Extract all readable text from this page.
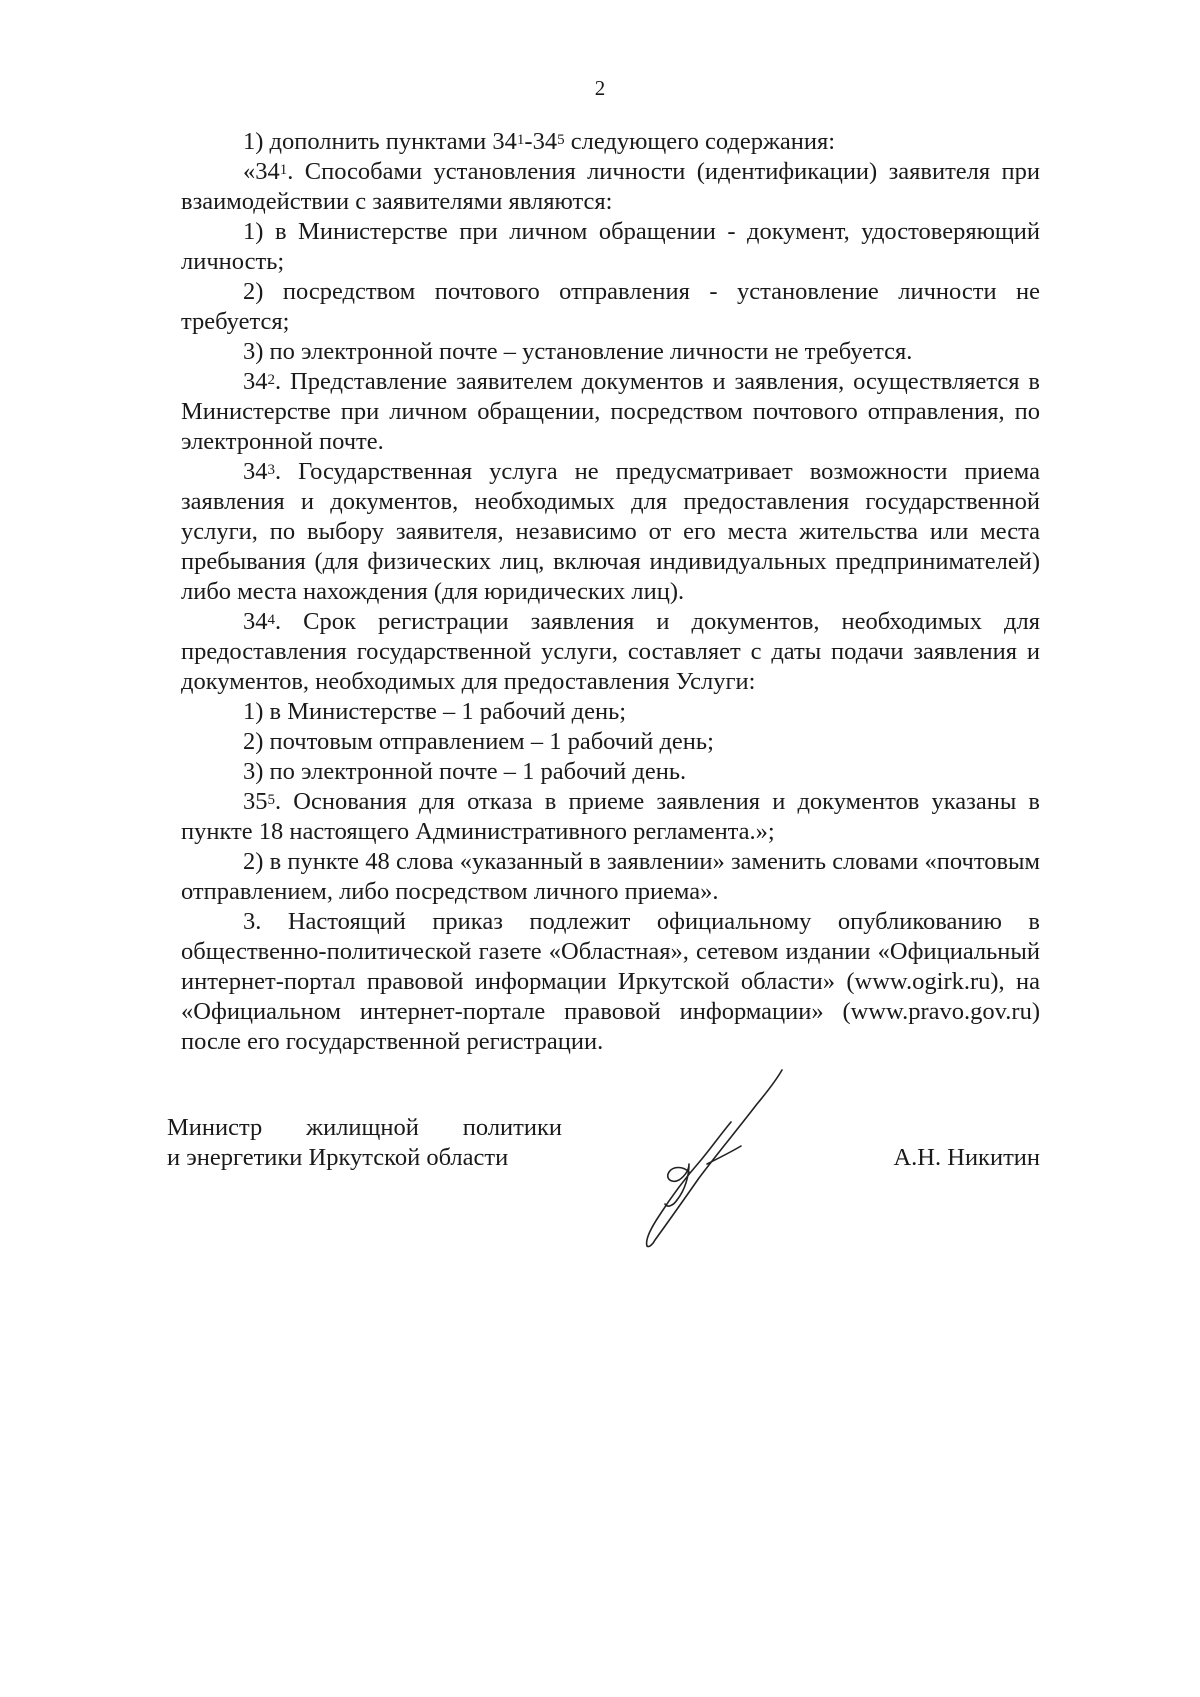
2

1) дополнить пунктами $34^1-34^5$ следующего содержания:

«$34^1$. Способами установления личности (идентификации) заявителя при взаимодействии с заявителями являются:

1) в Министерстве при личном обращении - документ, удостоверяющий личность;

2) посредством почтового отправления - установление личности не требуется;

3) по электронной почте – установление личности не требуется.

$34^2$. Представление заявителем документов и заявления, осуществляется в Министерстве при личном обращении, посредством почтового отправления, по электронной почте.

$34^3$. Государственная услуга не предусматривает возможности приема заявления и документов, необходимых для предоставления государственной услуги, по выбору заявителя, независимо от его места жительства или места пребывания (для физических лиц, включая индивидуальных предпринимателей) либо места нахождения (для юридических лиц).

$34^4$. Срок регистрации заявления и документов, необходимых для предоставления государственной услуги, составляет с даты подачи заявления и документов, необходимых для предоставления Услуги:

1) в Министерстве – 1 рабочий день;

2) почтовым отправлением – 1 рабочий день;

3) по электронной почте – 1 рабочий день.

$35^5$. Основания для отказа в приеме заявления и документов указаны в пункте 18 настоящего Административного регламента.»;

2) в пункте 48 слова «указанный в заявлении» заменить словами «почтовым отправлением, либо посредством личного приема».

3. Настоящий приказ подлежит официальному опубликованию в общественно-политической газете «Областная», сетевом издании «Официальный интернет-портал правовой информации Иркутской области» (www.ogirk.ru), на «Официальном интернет-портале правовой информации» (www.pravo.gov.ru) после его государственной регистрации.

Министр жилищной политики
и энергетики Иркутской области	А.Н. Никитин
